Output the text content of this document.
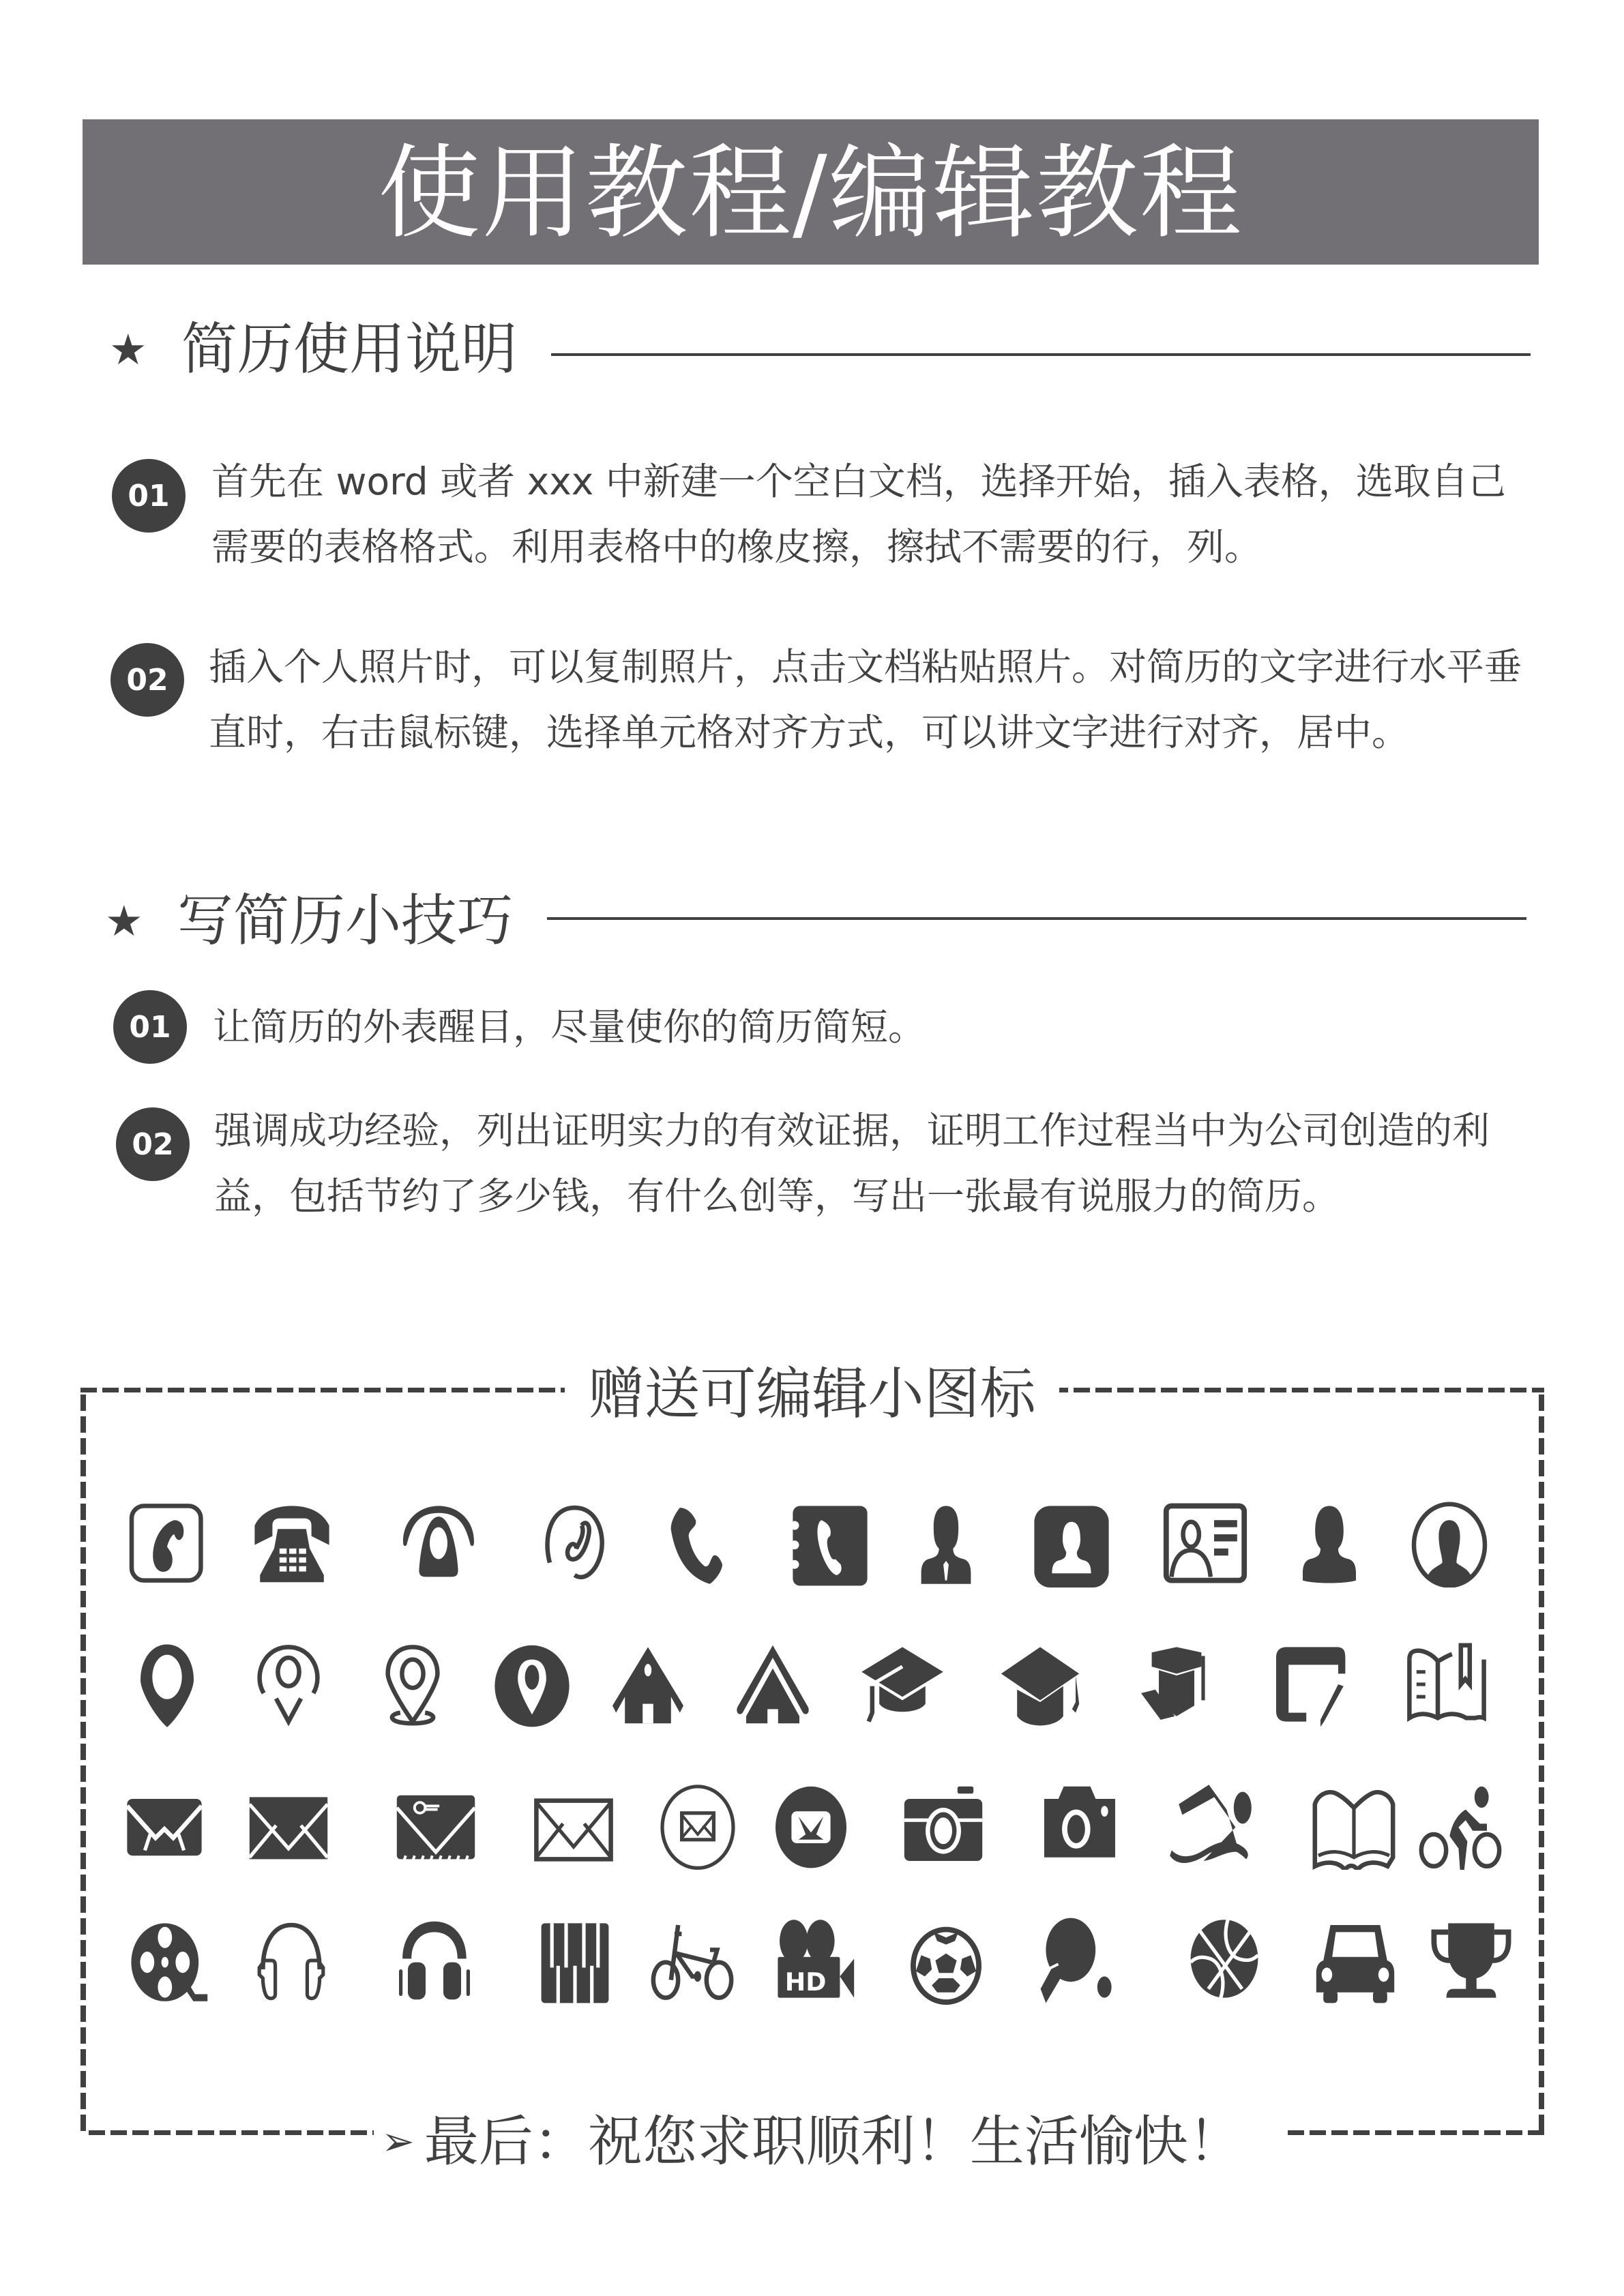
使用教程/编辑教程
★ 简历使用说明
01	首先在 word 或者 xxx 中新建一个空白文档，选择开始，插入表格，选取自己需要的表格格式。利用表格中的橡皮擦，擦拭不需要的行，列。
02	插入个人照片时，可以复制照片，点击文档粘贴照片。对简历的文字进行水平垂直时，右击鼠标键，选择单元格对齐方式，可以讲文字进行对齐，居中。
★ 写简历小技巧
01	让简历的外表醒目，尽量使你的简历简短。
02	强调成功经验，列出证明实力的有效证据，证明工作过程当中为公司创造的利益，包括节约了多少钱，有什么创等，写出一张最有说服力的简历。
赠送可编辑小图标
HD
➢ 最后：祝您求职顺利！生活愉快！
